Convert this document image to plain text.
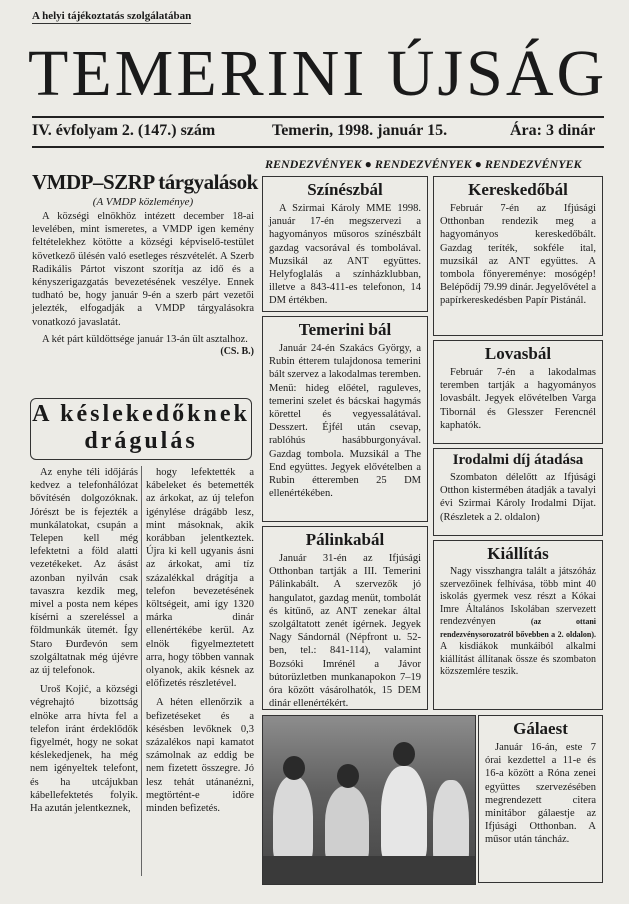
A helyi tájékoztatás szolgálatában
TEMERINI ÚJSÁG
IV. évfolyam 2. (147.) szám	Temerin, 1998. január 15.	Ára: 3 dinár
RENDEZVÉNYEK ● RENDEZVÉNYEK ● RENDEZVÉNYEK
VMDP–SZRP tárgyalások
(A VMDP közleménye)
A községi elnökhöz intézett december 18-ai levelében, mint ismeretes, a VMDP igen kemény feltételekhez kötötte a községi képviselő-testület következő ülésén való esetleges részvételét. A Szerb Radikális Pártot viszont szorítja az idő és a kényszerigazgatás bevezetésének veszélye. Ennek tudható be, hogy január 9-én a szerb párt vezetői jelezték, elfogadják a VMDP tárgyalásokra vonatkozó javaslatát.
A két párt küldöttsége január 13-án ült asztalhoz.
(CS. B.)
A késlekedőknek
drágulás

Az enyhe téli időjárás kedvez a telefonhálózat bővítésén dolgozóknak. Jórészt be is fejezték a munkálatokat, csupán a Telepen kell még lefektetni a föld alatti vezetékeket. Az ásást azonban nyilván csak tavaszra kezdik meg, mivel a posta nem képes kísérni a szereléssel a földmunkák ütemét. Így Staro Đurđevón sem szolgáltatnak még újévre az új telefonok.

Uroš Kojić, a községi végrehajtó bizottság elnöke arra hívta fel a telefon iránt érdeklődők figyelmét, hogy ne sokat késlekedjenek, ha még nem igényeltek telefont, és ha utcájukban kábellefektetés folyik. Ha azután jelentkeznek,

hogy lefektették a kábeleket és betemették az árkokat, az új telefon igénylése drágább lesz, mint másoknak, akik korábban jelentkeztek. Újra ki kell ugyanis ásni az árkokat, ami tíz százalékkal drágítja a telefon bevezetésének költségeit, ami így 1320 márka dinár ellenértékébe kerül. Az elnök figyelmeztetett arra, hogy többen vannak olyanok, akik késnek az előfizetés részletével.

A héten ellenőrzik a befizetéseket és a késésben levőknek 0,3 százalékos napi kamatot számolnak az eddig be nem fizetett összegre. Jó lesz tehát utánanézni, megtörtént-e időre minden befizetés.

Színészbál
A Szirmai Károly MME 1998. január 17-én megszervezi a hagyományos műsoros színészbált gazdag vacsorával és tombolával. Muzsikál az ANT együttes. Helyfoglalás a színházklubban, illetve a 843-411-es telefonon, 14 DM értékben.
Temerini bál
Január 24-én Szakács György, a Rubin étterem tulajdonosa temerini bált szervez a lakodalmas teremben. Menü: hideg előétel, raguleves, temerini szelet és bácskai hagymás körettel és vegyessalátával. Desszert. Éjfél után csevap, rablóhús hasábburgonyával. Gazdag tombola. Muzsikál a The End együttes. Jegyek elővételben a Rubin étteremben 25 DM ellenértékében.
Pálinkabál
Január 31-én az Ifjúsági Otthonban tartják a III. Temerini Pálinkabált. A szervezők jó hangulatot, gazdag menüt, tombolát és kitűnő, az ANT zenekar által szolgáltatott zenét ígérnek. Jegyek Nagy Sándornál (Népfront u. 52-ben, tel.: 841-114), valamint Bozsóki Imrénél a Jávor bútorüzletben munkanapokon 7–19 óra között vásárolhatók, 15 DEM dinár ellenértékért.
Kereskedőbál
Február 7-én az Ifjúsági Otthonban rendezik meg a hagyományos kereskedőbált. Gazdag teríték, sokféle ital, muzsikál az ANT együttes. A tombola főnyereménye: mosógép! Belépődíj 79.99 dinár. Jegyelővétel a papírkereskedésben Papír Pistánál.
Lovasbál
Február 7-én a lakodalmas teremben tartják a hagyományos lovasbált. Jegyek elővételben Varga Tibornál és Glesszer Ferencnél kaphatók.
Irodalmi díj átadása
Szombaton délelőtt az Ifjúsági Otthon kistermében átadják a tavalyi évi Szirmai Károly Irodalmi Díjat. (Részletek a 2. oldalon)
Kiállítás
Nagy visszhangra talált a játszóház szervezőinek felhívása, több mint 40 iskolás gyermek vesz részt a Kókai Imre Általános Iskolában szervezett rendezvényen	(az ottani rendezvénysorozatról bővebben a 2. oldalon). A kisdiákok munkáiból alkalmi kiállítást állítanak össze és szombaton közszemlére teszik.
Gálaest
Január 16-án, este 7 órai kezdettel a 11-e és 16-a között a Róna zenei együttes szervezésében megrendezett citera minitábor gálaestje az Ifjúsági Otthonban. A műsor után táncház.
